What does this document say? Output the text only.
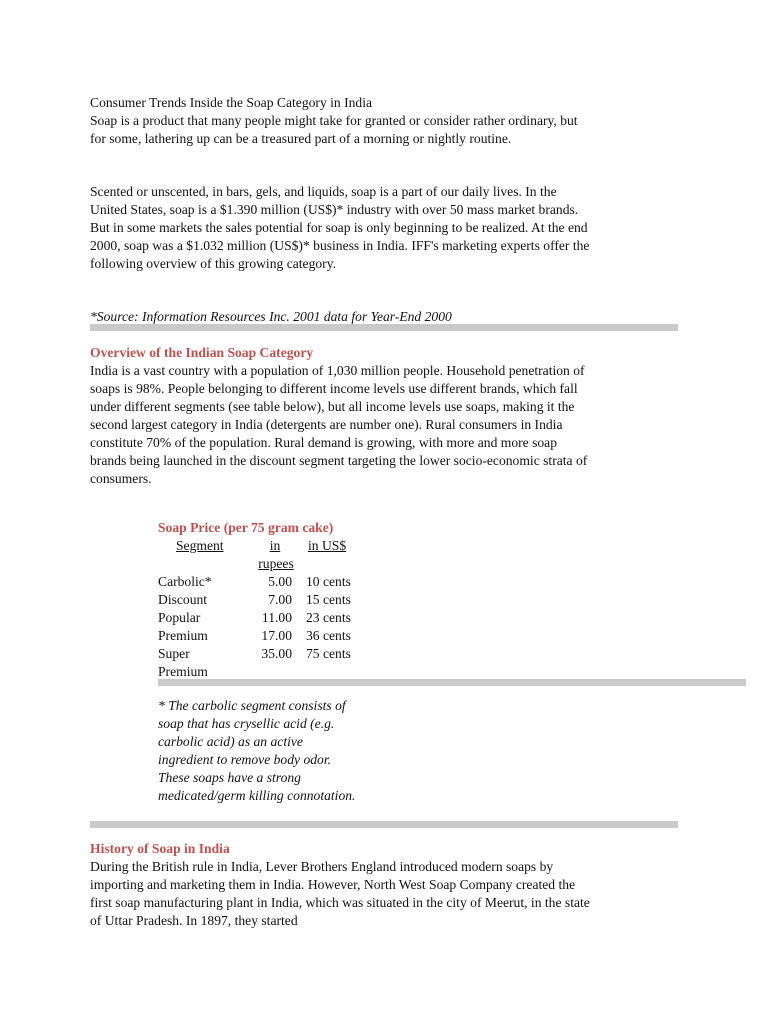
Consumer Trends Inside the Soap Category in India

Soap is a product that many people might take for granted or consider rather ordinary, but for some, lathering up can be a treasured part of a morning or nightly routine.

Scented or unscented, in bars, gels, and liquids, soap is a part of our daily lives. In the United States, soap is a $1.390 million (US$)* industry with over 50 mass market brands. But in some markets the sales potential for soap is only beginning to be realized. At the end 2000, soap was a $1.032 million (US$)* business in India. IFF's marketing experts offer the following overview of this growing category.

*Source: Information Resources Inc. 2001 data for Year-End 2000

Overview of the Indian Soap Category

India is a vast country with a population of 1,030 million people. Household penetration of soaps is 98%. People belonging to different income levels use different brands, which fall under different segments (see table below), but all income levels use soaps, making it the second largest category in India (detergents are number one). Rural consumers in India constitute 70% of the population. Rural demand is growing, with more and more soap brands being launched in the discount segment targeting the lower socio-economic strata of consumers.

Soap Price (per 75 gram cake)
Segment	in in US$
rupees
Carbolic*	5.00 10 cents
Discount	7.00 15 cents
Popular	11.00 23 cents
Premium	17.00 36 cents
Super	35.00 75 cents
Premium
* The carbolic segment consists of soap that has crysellic acid (e.g. carbolic acid) as an active ingredient to remove body odor. These soaps have a strong medicated/germ killing connotation.

History of Soap in India

During the British rule in India, Lever Brothers England introduced modern soaps by importing and marketing them in India. However, North West Soap Company created the first soap manufacturing plant in India, which was situated in the city of Meerut, in the state of Uttar Pradesh. In 1897, they started
